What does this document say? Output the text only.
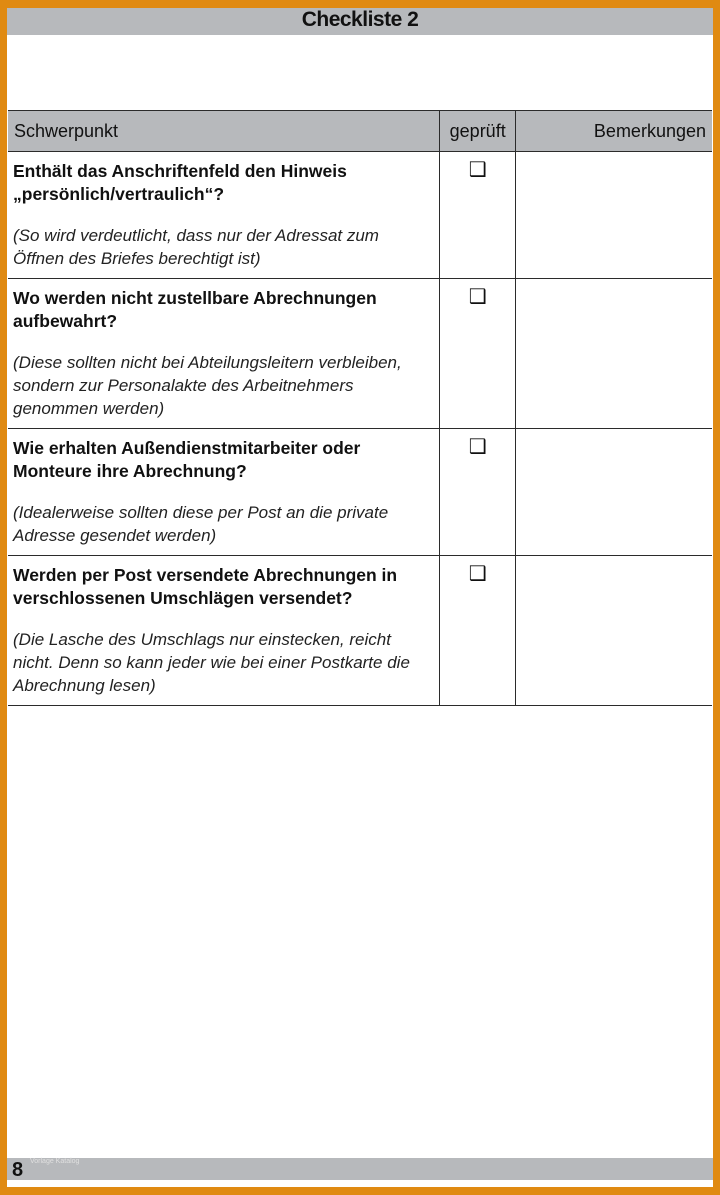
Checkliste 2
Schwerpunkt	geprüft	Bemerkungen

Enthält das Anschriftenfeld den Hinweis „persönlich/vertraulich“?

(So wird verdeutlicht, dass nur der Adressat zum Öffnen des Briefes berechtigt ist)	❑	

Wo werden nicht zustellbare Abrechnungen aufbewahrt?

(Diese sollten nicht bei Abteilungsleitern verbleiben, sondern zur Personalakte des Arbeitnehmers genommen werden)	❑	

Wie erhalten Außendienstmitarbeiter oder Monteure ihre Abrechnung?

(Idealerweise sollten diese per Post an die private Adresse gesendet werden)	❑	

Werden per Post versendete Abrechnungen in verschlossenen Umschlägen versendet?

(Die Lasche des Umschlags nur einstecken, reicht nicht. Denn so kann jeder wie bei einer Postkarte die Abrechnung lesen)	❑	
8 Vorlage Katalog
